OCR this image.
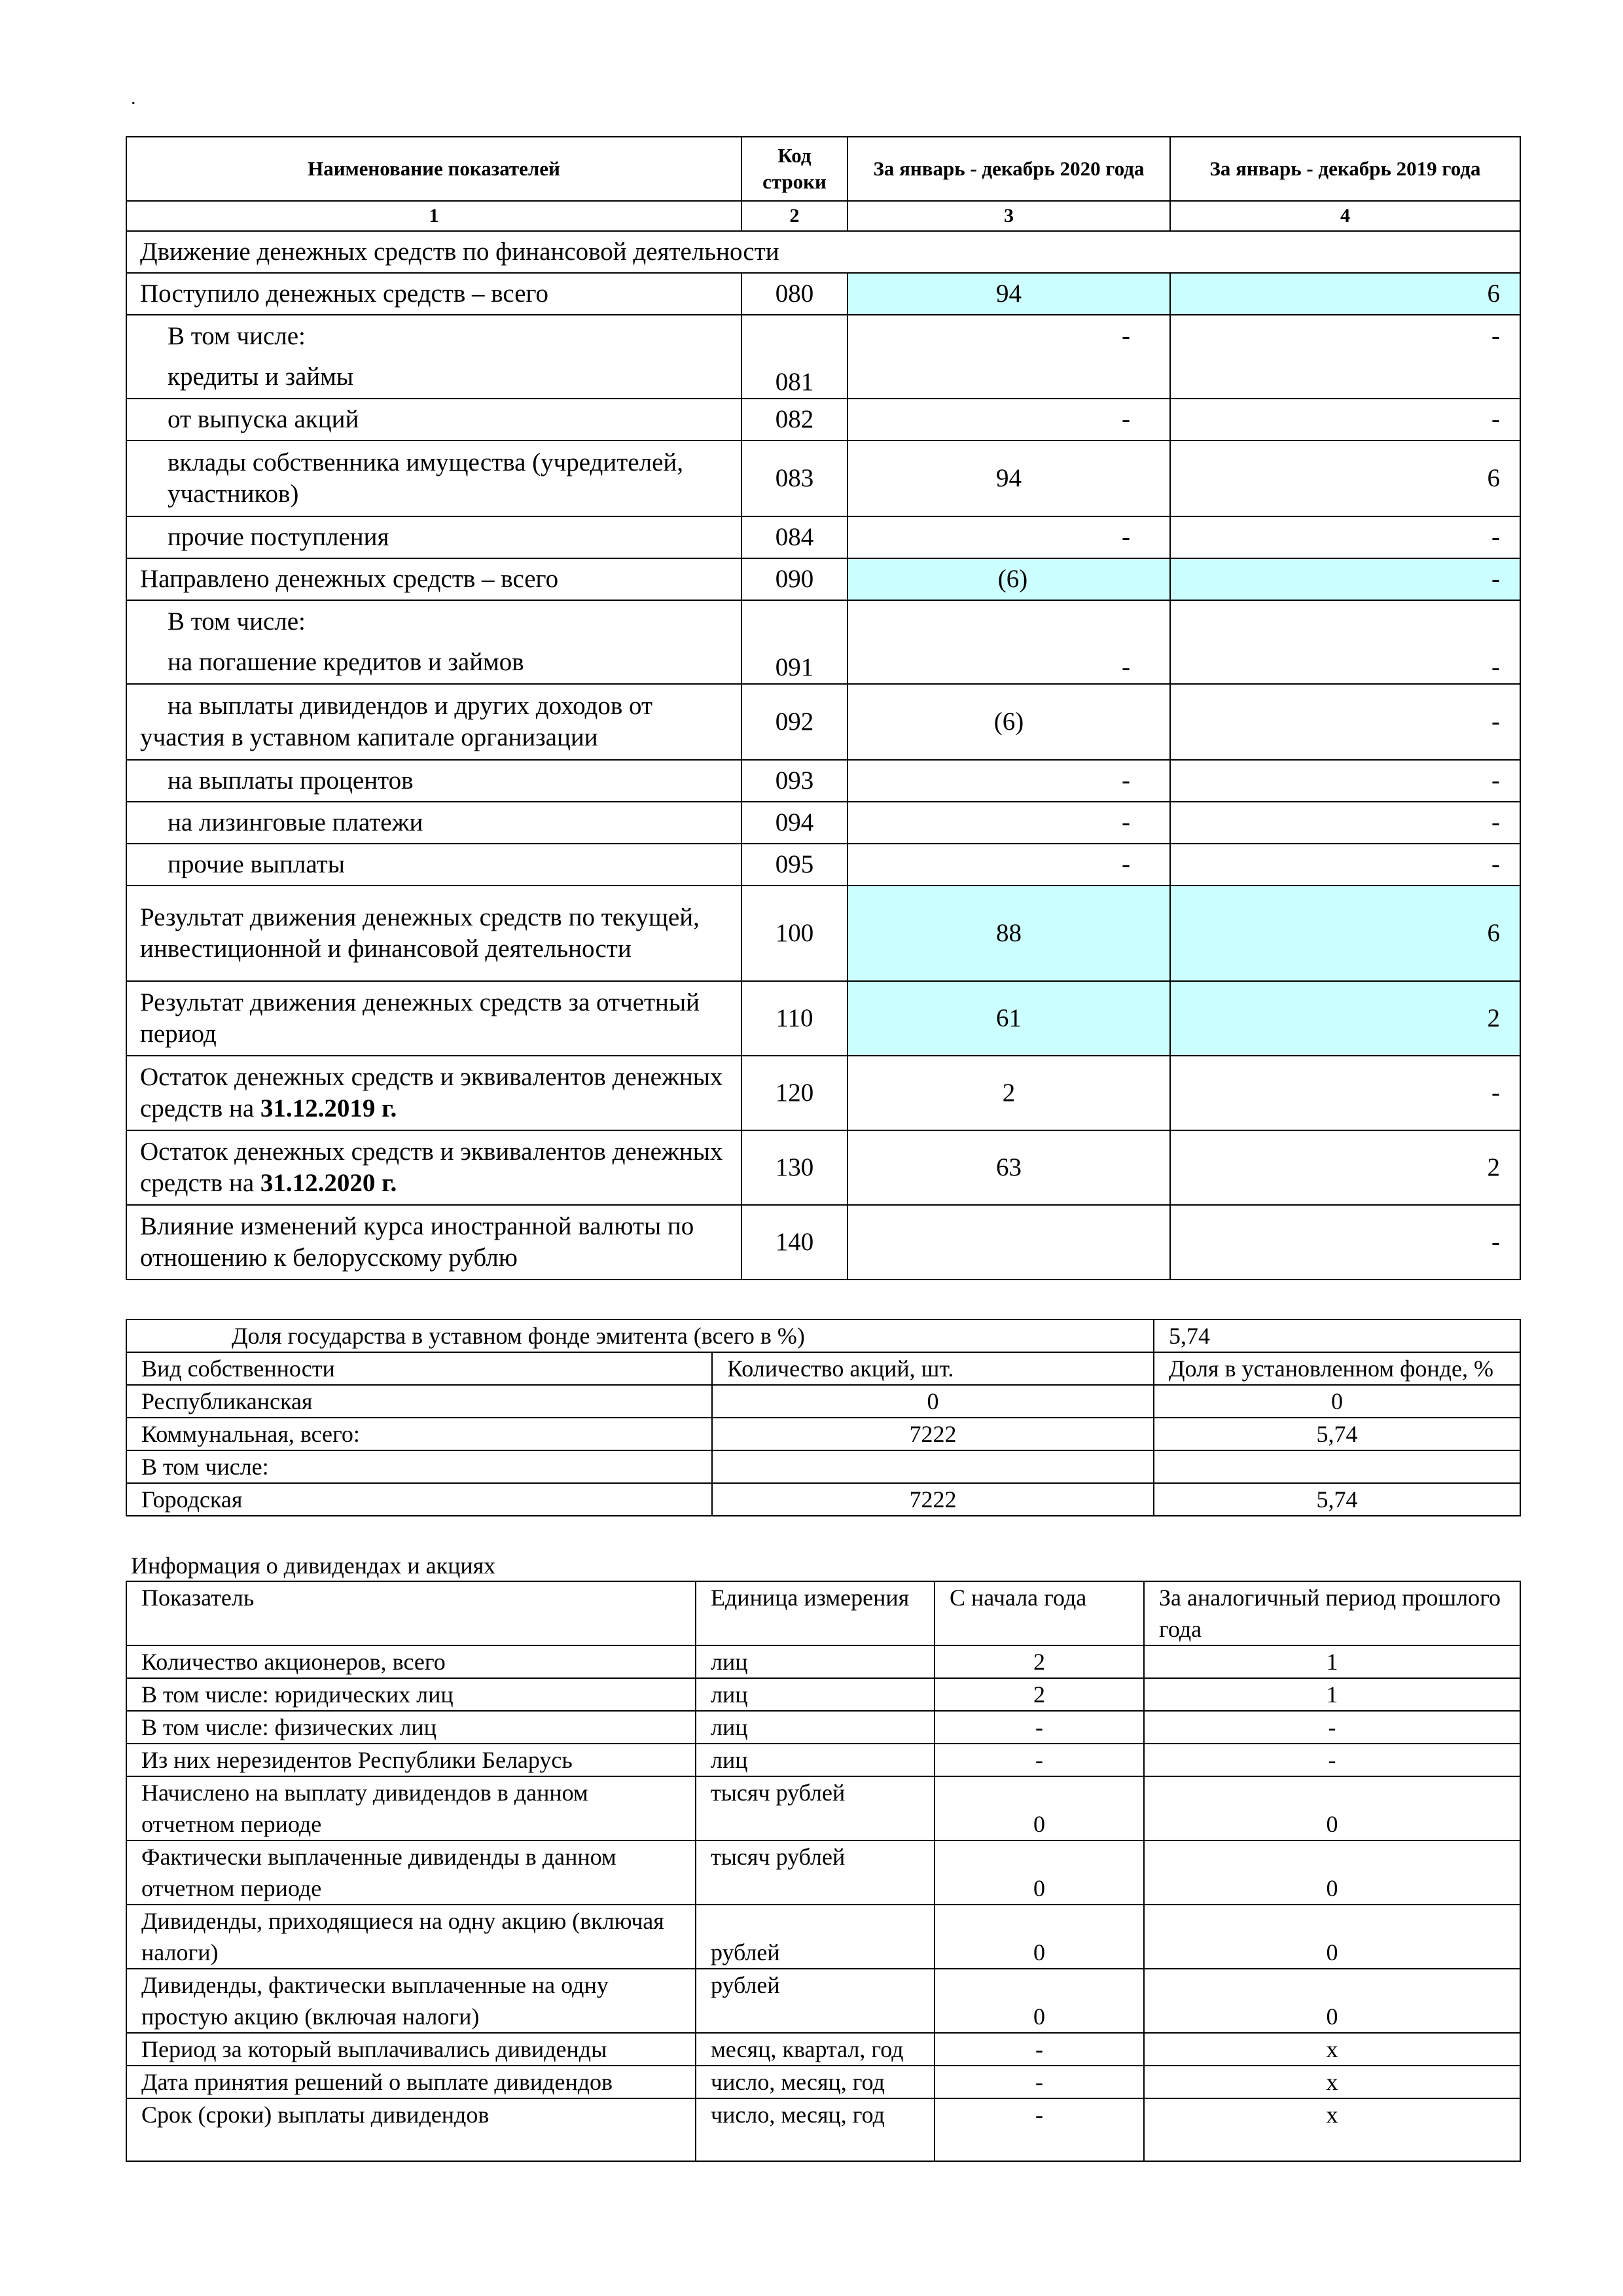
.
Наименование показателей	Код строки	За январь - декабрь 2020 года	За январь - декабрь 2019 года
1	2	3	4
Движение денежных средств по финансовой деятельности			
Поступило денежных средств – всего	080	94	6

В том числе:
кредиты и займы	081	-	-
от выпуска акций	082	-	-

вклады собственника имущества (учредителей, участников)	083	94	6
прочие поступления	084	-	-
Направлено денежных средств – всего	090	(6)	-

В том числе:
на погашение кредитов и займов	091	-	-

на выплаты дивидендов и других доходов от участия в уставном капитале организации	092	(6)	-
на выплаты процентов	093	-	-
на лизинговые платежи	094	-	-
прочие выплаты	095	-	-
Результат движения денежных средств по текущей, инвестиционной и финансовой деятельности	100	88	6
Результат движения денежных средств за отчетный период	110	61	2
Остаток денежных средств и эквивалентов денежных средств на 31.12.2019 г.	120	2	-
Остаток денежных средств и эквивалентов денежных средств на 31.12.2020 г.	130	63	2
Влияние изменений курса иностранной валюты по отношению к белорусскому рублю	140		-
Доля государства в уставном фонде эмитента (всего в %)		5,74
Вид собственности	Количество акций, шт.	Доля в установленном фонде, %
Республиканская	0	0
Коммунальная, всего:	7222	5,74
В том числе:		
Городская	7222	5,74
Информация о дивидендах и акциях
Показатель	Единица измерения	С начала года	За аналогичный период прошлого года
Количество акционеров, всего	лиц	2	1
В том числе: юридических лиц	лиц	2	1
В том числе: физических лиц	лиц	-	-
Из них нерезидентов Республики Беларусь	лиц	-	-
Начислено на выплату дивидендов в данном отчетном периоде	тысяч рублей	0	0
Фактически выплаченные дивиденды в данном отчетном периоде	тысяч рублей	0	0
Дивиденды, приходящиеся на одну акцию (включая налоги)	рублей	0	0
Дивиденды, фактически выплаченные на одну простую акцию (включая налоги)	рублей	0	0
Период за который выплачивались дивиденды	месяц, квартал, год	-	х
Дата принятия решений о выплате дивидендов	число, месяц, год	-	х
Срок (сроки) выплаты дивидендов	число, месяц, год	-	х
